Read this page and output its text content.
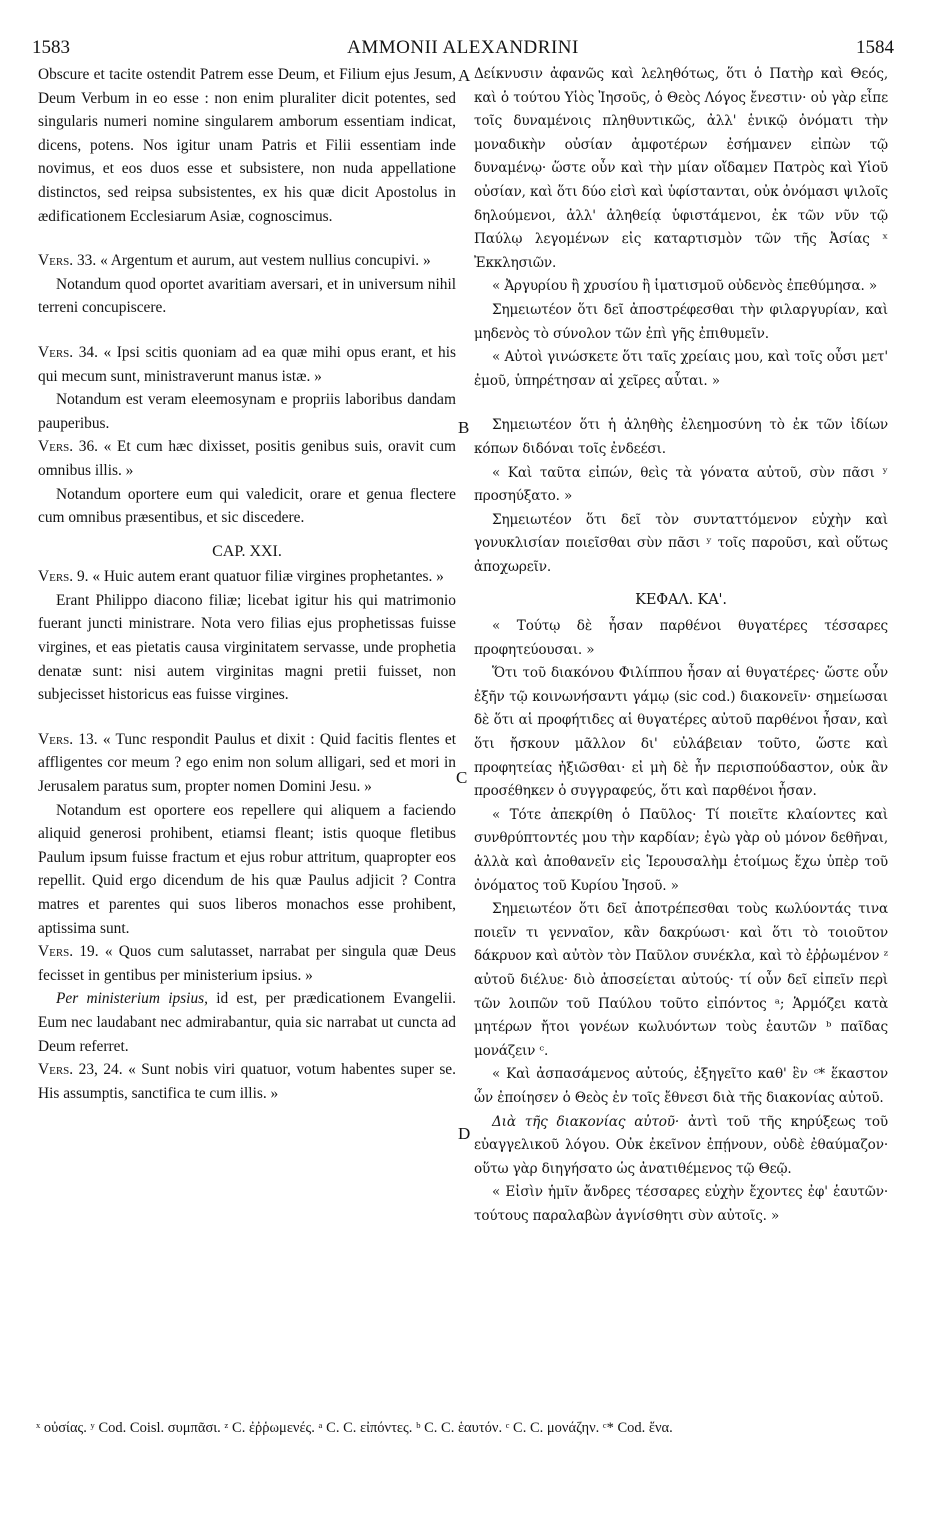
1583	AMMONII ALEXANDRINI	1584

Obscure et tacite ostendit Patrem esse Deum, et Filium ejus Jesum, Deum Verbum in eo esse : non enim pluraliter dicit potentes, sed singularis numeri nomine singularem amborum essentiam indicat, dicens, potens. Nos igitur unam Patris et Filii essentiam inde novimus, et eos duos esse et subsistere, non nuda appellatione distinctos, sed reipsa subsistentes, ex his quæ dicit Apostolus in ædificationem Ecclesiarum Asiæ, cognoscimus.

Vers. 33. « Argentum et aurum, aut vestem nullius concupivi. »

Notandum quod oportet avaritiam aversari, et in universum nihil terreni concupiscere.

Vers. 34. « Ipsi scitis quoniam ad ea quæ mihi opus erant, et his qui mecum sunt, ministraverunt manus istæ. »

Notandum est veram eleemosynam e propriis laboribus dandam pauperibus.

Vers. 36. « Et cum hæc dixisset, positis genibus suis, oravit cum omnibus illis. »

Notandum oportere eum qui valedicit, orare et genua flectere cum omnibus præsentibus, et sic discedere.

CAP. XXI.

Vers. 9. « Huic autem erant quatuor filiæ virgines prophetantes. »

Erant Philippo diacono filiæ; licebat igitur his qui matrimonio fuerant juncti ministrare. Nota vero filias ejus prophetissas fuisse virgines, et eas pietatis causa virginitatem servasse, unde prophetia denatæ sunt: nisi autem virginitas magni pretii fuisset, non subjecisset historicus eas fuisse virgines.

Vers. 13. « Tunc respondit Paulus et dixit : Quid facitis flentes et affligentes cor meum ? ego enim non solum alligari, sed et mori in Jerusalem paratus sum, propter nomen Domini Jesu. »

Notandum est oportere eos repellere qui aliquem a faciendo aliquid generosi prohibent, etiamsi fleant; istis quoque fletibus Paulum ipsum fuisse fractum et ejus robur attritum, quapropter eos repellit. Quid ergo dicendum de his quæ Paulus adjicit ? Contra matres et parentes qui suos liberos monachos esse prohibent, aptissima sunt.

Vers. 19. « Quos cum salutasset, narrabat per singula quæ Deus fecisset in gentibus per ministerium ipsius. »

Per ministerium ipsius, id est, per prædicationem Evangelii. Eum nec laudabant nec admirabantur, quia sic narrabat ut cuncta ad Deum referret.

Vers. 23, 24. « Sunt nobis viri quatuor, votum habentes super se. His assumptis, sanctifica te cum illis. »

A
B
C
D

Δείκνυσιν ἀφανῶς καὶ λεληθότως, ὅτι ὁ Πατὴρ καὶ Θεός, καὶ ὁ τούτου Υἱὸς Ἰησοῦς, ὁ Θεὸς Λόγος ἔνεστιν· οὐ γὰρ εἶπε τοῖς δυναμένοις πληθυντικῶς, ἀλλ' ἑνικῷ ὀνόματι τὴν μοναδικὴν οὐσίαν ἀμφοτέρων ἐσήμανεν εἰπὼν τῷ δυναμένῳ· ὥστε οὖν καὶ τὴν μίαν οἴδαμεν Πατρὸς καὶ Υἱοῦ οὐσίαν, καὶ ὅτι δύο εἰσὶ καὶ ὑφίστανται, οὐκ ὀνόμασι ψιλοῖς δηλούμενοι, ἀλλ' ἀληθείᾳ ὑφιστάμενοι, ἐκ τῶν νῦν τῷ Παύλῳ λεγομένων εἰς καταρτισμὸν τῶν τῆς Ἀσίας ˣ Ἐκκλησιῶν.

« Ἀργυρίου ἢ χρυσίου ἢ ἱματισμοῦ οὐδενὸς ἐπεθύμησα. »

Σημειωτέον ὅτι δεῖ ἀποστρέφεσθαι τὴν φιλαργυρίαν, καὶ μηδενὸς τὸ σύνολον τῶν ἐπὶ γῆς ἐπιθυμεῖν.

« Αὐτοὶ γινώσκετε ὅτι ταῖς χρείαις μου, καὶ τοῖς οὖσι μετ' ἐμοῦ, ὑπηρέτησαν αἱ χεῖρες αὗται. »

Σημειωτέον ὅτι ἡ ἀληθὴς ἐλεημοσύνη τὸ ἐκ τῶν ἰδίων κόπων διδόναι τοῖς ἐνδεέσι.

« Καὶ ταῦτα εἰπών, θεὶς τὰ γόνατα αὐτοῦ, σὺν πᾶσι ʸ προσηύξατο. »

Σημειωτέον ὅτι δεῖ τὸν συνταττόμενον εὐχὴν καὶ γονυκλισίαν ποιεῖσθαι σὺν πᾶσι ʸ τοῖς παροῦσι, καὶ οὕτως ἀποχωρεῖν.

ΚΕΦΑΛ. ΚΑ'.

« Τούτῳ δὲ ἦσαν παρθένοι θυγατέρες τέσσαρες προφητεύουσαι. »

Ὅτι τοῦ διακόνου Φιλίππου ἦσαν αἱ θυγατέρες· ὥστε οὖν ἐξῆν τῷ κοινωνήσαντι γάμῳ (sic cod.) διακονεῖν· σημείωσαι δὲ ὅτι αἱ προφήτιδες αἱ θυγατέρες αὐτοῦ παρθένοι ἦσαν, καὶ ὅτι ἤσκουν μᾶλλον δι' εὐλάβειαν τοῦτο, ὥστε καὶ προφητείας ἠξιῶσθαι· εἰ μὴ δὲ ἦν περισπούδαστον, οὐκ ἂν προσέθηκεν ὁ συγγραφεύς, ὅτι καὶ παρθένοι ἦσαν.

« Τότε ἀπεκρίθη ὁ Παῦλος· Τί ποιεῖτε κλαίοντες καὶ συνθρύπτοντές μου τὴν καρδίαν; ἐγὼ γὰρ οὐ μόνον δεθῆναι, ἀλλὰ καὶ ἀποθανεῖν εἰς Ἱερουσαλὴμ ἑτοίμως ἔχω ὑπὲρ τοῦ ὀνόματος τοῦ Κυρίου Ἰησοῦ. »

Σημειωτέον ὅτι δεῖ ἀποτρέπεσθαι τοὺς κωλύοντάς τινα ποιεῖν τι γενναῖον, κἂν δακρύωσι· καὶ ὅτι τὸ τοιοῦτον δάκρυον καὶ αὐτὸν τὸν Παῦλον συνέκλα, καὶ τὸ ἐῤῥωμένον ᶻ αὐτοῦ διέλυε· διὸ ἀποσείεται αὐτούς· τί οὖν δεῖ εἰπεῖν περὶ τῶν λοιπῶν τοῦ Παύλου τοῦτο εἰπόντος ᵃ; Ἁρμόζει κατὰ μητέρων ἤτοι γονέων κωλυόντων τοὺς ἑαυτῶν ᵇ παῖδας μονάζειν ᶜ.

« Καὶ ἀσπασάμενος αὐτούς, ἐξηγεῖτο καθ' ἓν ᶜ* ἕκαστον ὧν ἐποίησεν ὁ Θεὸς ἐν τοῖς ἔθνεσι διὰ τῆς διακονίας αὐτοῦ.

Διὰ τῆς διακονίας αὐτοῦ· ἀντὶ τοῦ τῆς κηρύξεως τοῦ εὐαγγελικοῦ λόγου. Οὐκ ἐκεῖνον ἐπῄνουν, οὐδὲ ἐθαύμαζον· οὕτω γὰρ διηγήσατο ὡς ἀνατιθέμενος τῷ Θεῷ.

« Εἰσὶν ἡμῖν ἄνδρες τέσσαρες εὐχὴν ἔχοντες ἐφ' ἑαυτῶν· τούτους παραλαβὼν ἁγνίσθητι σὺν αὐτοῖς. »

ˣ οὐσίας. ʸ Cod. Coisl. συμπᾶσι. ᶻ C. ἐῤῥωμενές. ᵃ C. C. εἰπόντες. ᵇ C. C. ἑαυτόν. ᶜ C. C. μονάζην. ᶜ* Cod. ἕνα.
